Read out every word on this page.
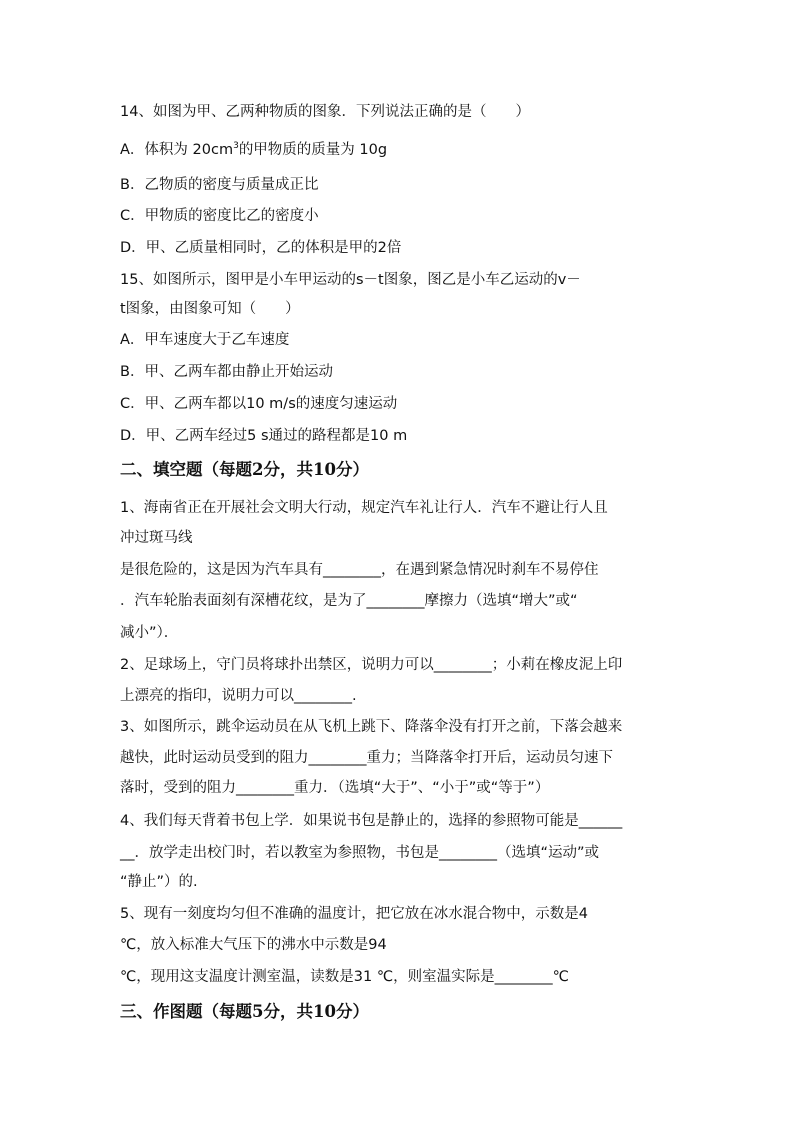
14、如图为甲、乙两种物质的图象．下列说法正确的是（　　）
A．体积为 $20cm^3$的甲物质的质量为 10g
B．乙物质的密度与质量成正比
C．甲物质的密度比乙的密度小
D．甲、乙质量相同时，乙的体积是甲的2倍
15、如图所示，图甲是小车甲运动的s－t图象，图乙是小车乙运动的v－
t图象，由图象可知（　　）
A．甲车速度大于乙车速度
B．甲、乙两车都由静止开始运动
C．甲、乙两车都以10 m/s的速度匀速运动
D．甲、乙两车经过5 s通过的路程都是10 m
二、填空题（每题2分，共10分）
1、海南省正在开展社会文明大行动，规定汽车礼让行人．汽车不避让行人且
冲过斑马线
是很危险的，这是因为汽车具有________，在遇到紧急情况时刹车不易停住
．汽车轮胎表面刻有深槽花纹，是为了________摩擦力（选填“增大”或“
减小”）．
2、足球场上，守门员将球扑出禁区，说明力可以________；小莉在橡皮泥上印
上漂亮的指印，说明力可以________.
3、如图所示，跳伞运动员在从飞机上跳下、降落伞没有打开之前，下落会越来
越快，此时运动员受到的阻力________重力；当降落伞打开后，运动员匀速下
落时，受到的阻力________重力．（选填“大于”、“小于”或“等于”）
4、我们每天背着书包上学．如果说书包是静止的，选择的参照物可能是______
__．放学走出校门时，若以教室为参照物，书包是________（选填“运动”或
“静止”）的.
5、现有一刻度均匀但不准确的温度计，把它放在冰水混合物中，示数是4
℃，放入标准大气压下的沸水中示数是94
℃，现用这支温度计测室温，读数是31 ℃，则室温实际是________℃
三、作图题（每题5分，共10分）
